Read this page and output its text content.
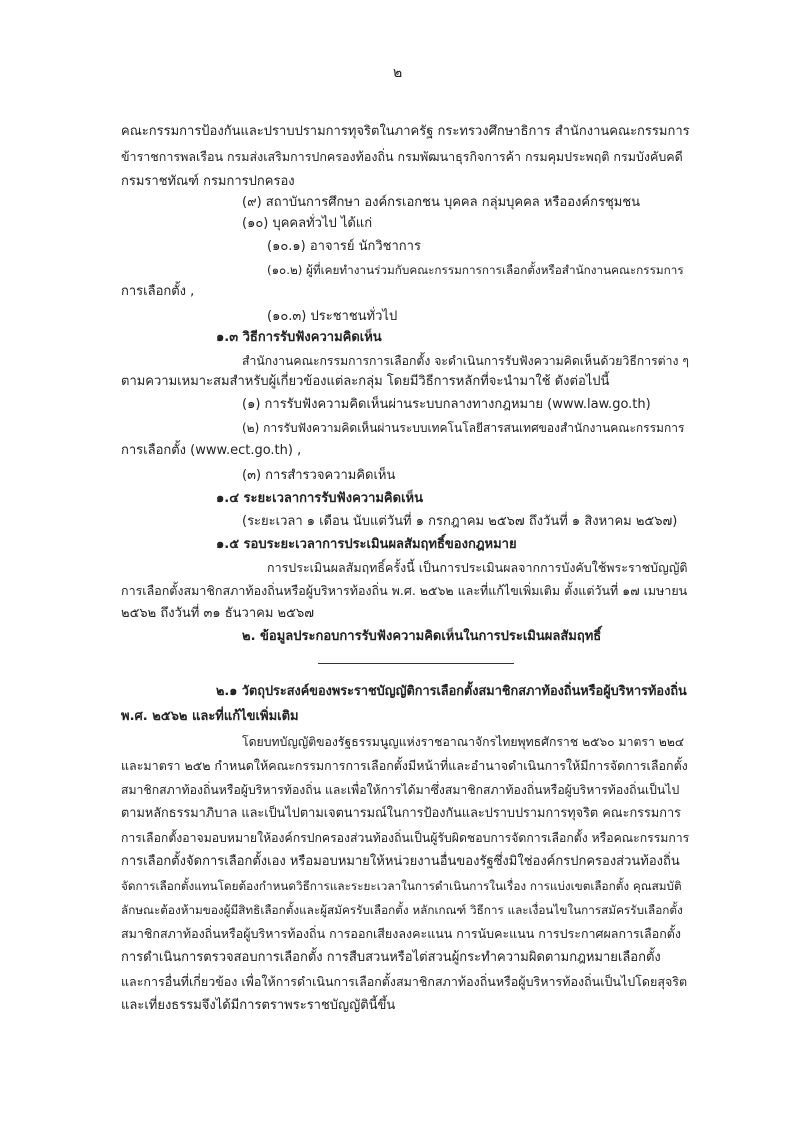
๒
คณะกรรมการป้องกันและปราบปรามการทุจริตในภาครัฐ กระทรวงศึกษาธิการ สำนักงานคณะกรรมการ
ข้าราชการพลเรือน กรมส่งเสริมการปกครองท้องถิ่น กรมพัฒนาธุรกิจการค้า กรมคุมประพฤติ กรมบังคับคดี
กรมราชทัณฑ์ กรมการปกครอง
(๙) สถาบันการศึกษา องค์กรเอกชน บุคคล กลุ่มบุคคล หรือองค์กรชุมชน
(๑๐) บุคคลทั่วไป ได้แก่
(๑๐.๑) อาจารย์ นักวิชาการ
(๑๐.๒) ผู้ที่เคยทำงานร่วมกับคณะกรรมการการเลือกตั้งหรือสำนักงานคณะกรรมการ
การเลือกตั้ง ,
(๑๐.๓) ประชาชนทั่วไป
๑.๓ วิธีการรับฟังความคิดเห็น
สำนักงานคณะกรรมการการเลือกตั้ง จะดำเนินการรับฟังความคิดเห็นด้วยวิธีการต่าง ๆ
ตามความเหมาะสมสำหรับผู้เกี่ยวข้องแต่ละกลุ่ม โดยมีวิธีการหลักที่จะนำมาใช้ ดังต่อไปนี้
(๑) การรับฟังความคิดเห็นผ่านระบบกลางทางกฎหมาย (www.law.go.th)
(๒) การรับฟังความคิดเห็นผ่านระบบเทคโนโลยีสารสนเทศของสำนักงานคณะกรรมการ
การเลือกตั้ง (www.ect.go.th) ,
(๓) การสำรวจความคิดเห็น
๑.๔ ระยะเวลาการรับฟังความคิดเห็น
(ระยะเวลา ๑ เดือน นับแต่วันที่ ๑ กรกฎาคม ๒๕๖๗ ถึงวันที่ ๑ สิงหาคม ๒๕๖๗)
๑.๕ รอบระยะเวลาการประเมินผลสัมฤทธิ์ของกฎหมาย
การประเมินผลสัมฤทธิ์ครั้งนี้ เป็นการประเมินผลจากการบังคับใช้พระราชบัญญัติ
การเลือกตั้งสมาชิกสภาท้องถิ่นหรือผู้บริหารท้องถิ่น พ.ศ. ๒๕๖๒ และที่แก้ไขเพิ่มเติม ตั้งแต่วันที่ ๑๗ เมษายน
๒๕๖๒ ถึงวันที่ ๓๑ ธันวาคม ๒๕๖๗
๒. ข้อมูลประกอบการรับฟังความคิดเห็นในการประเมินผลสัมฤทธิ์
๒.๑ วัตถุประสงค์ของพระราชบัญญัติการเลือกตั้งสมาชิกสภาท้องถิ่นหรือผู้บริหารท้องถิ่น
พ.ศ. ๒๕๖๒ และที่แก้ไขเพิ่มเติม
โดยบทบัญญัติของรัฐธรรมนูญแห่งราชอาณาจักรไทยพุทธศักราช ๒๕๖๐ มาตรา ๒๒๔
และมาตรา ๒๕๒ กำหนดให้คณะกรรมการการเลือกตั้งมีหน้าที่และอำนาจดำเนินการให้มีการจัดการเลือกตั้ง
สมาชิกสภาท้องถิ่นหรือผู้บริหารท้องถิ่น และเพื่อให้การได้มาซึ่งสมาชิกสภาท้องถิ่นหรือผู้บริหารท้องถิ่นเป็นไป
ตามหลักธรรมาภิบาล และเป็นไปตามเจตนารมณ์ในการป้องกันและปราบปรามการทุจริต คณะกรรมการ
การเลือกตั้งอาจมอบหมายให้องค์กรปกครองส่วนท้องถิ่นเป็นผู้รับผิดชอบการจัดการเลือกตั้ง หรือคณะกรรมการ
การเลือกตั้งจัดการเลือกตั้งเอง หรือมอบหมายให้หน่วยงานอื่นของรัฐซึ่งมิใช่องค์กรปกครองส่วนท้องถิ่น
จัดการเลือกตั้งแทนโดยต้องกำหนดวิธีการและระยะเวลาในการดำเนินการในเรื่อง การแบ่งเขตเลือกตั้ง คุณสมบัติ
ลักษณะต้องห้ามของผู้มีสิทธิเลือกตั้งและผู้สมัครรับเลือกตั้ง หลักเกณฑ์ วิธีการ และเงื่อนไขในการสมัครรับเลือกตั้ง
สมาชิกสภาท้องถิ่นหรือผู้บริหารท้องถิ่น การออกเสียงลงคะแนน การนับคะแนน การประกาศผลการเลือกตั้ง
การดำเนินการตรวจสอบการเลือกตั้ง การสืบสวนหรือไต่สวนผู้กระทำความผิดตามกฎหมายเลือกตั้ง
และการอื่นที่เกี่ยวข้อง เพื่อให้การดำเนินการเลือกตั้งสมาชิกสภาท้องถิ่นหรือผู้บริหารท้องถิ่นเป็นไปโดยสุจริต
และเที่ยงธรรมจึงได้มีการตราพระราชบัญญัตินี้ขึ้น
